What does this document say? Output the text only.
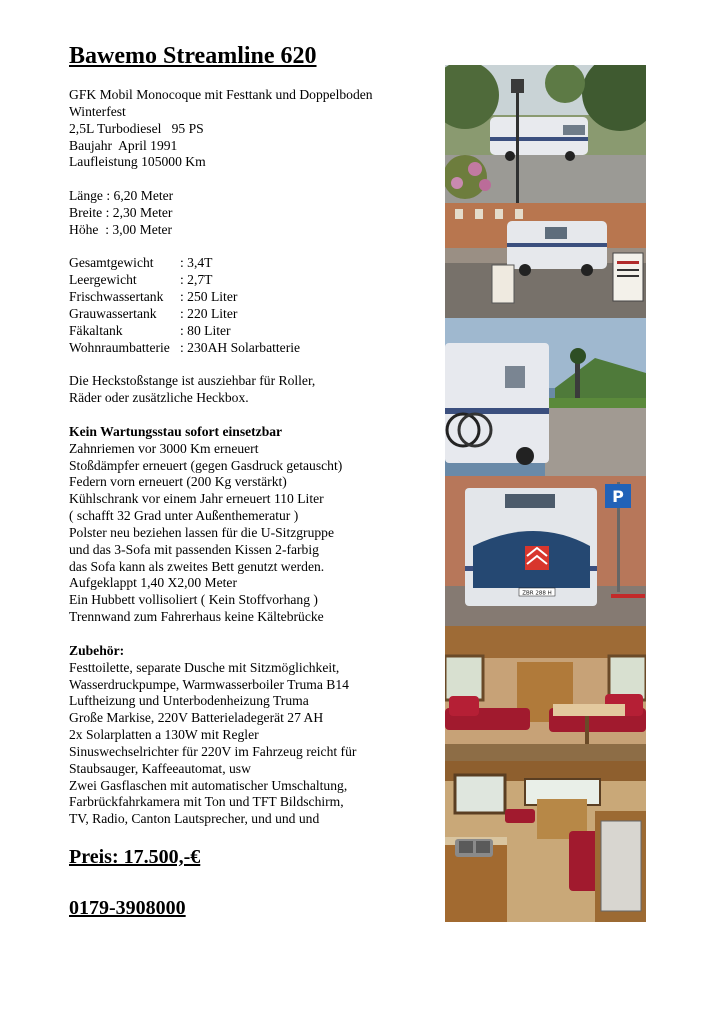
Bawemo Streamline 620
GFK Mobil Monocoque mit Festtank und Doppelboden
Winterfest
2,5L Turbodiesel   95 PS
Baujahr  April 1991
Laufleistung 105000 Km
Länge : 6,20 Meter
Breite : 2,30 Meter
Höhe  : 3,00 Meter
Gesamtgewicht	: 3,4T
Leergewicht	: 2,7T
Frischwassertank	: 250 Liter
Grauwassertank	: 220 Liter
Fäkaltank	: 80 Liter
Wohnraumbatterie : 230AH Solarbatterie
Die Heckstoßstange ist ausziehbar für Roller,
Räder oder zusätzliche Heckbox.
Kein Wartungsstau sofort einsetzbar
Zahnriemen vor 3000 Km erneuert
Stoßdämpfer erneuert (gegen Gasdruck getauscht)
Federn vorn erneuert (200 Kg verstärkt)
Kühlschrank vor einem Jahr erneuert 110 Liter
( schafft 32 Grad unter Außenthemeratur )
Polster neu beziehen lassen für die U-Sitzgruppe
und das 3-Sofa mit passenden Kissen 2-farbig
das Sofa kann als zweites Bett genutzt werden.
Aufgeklappt 1,40 X2,00 Meter
Ein Hubbett vollisoliert ( Kein Stoffvorhang )
Trennwand zum Fahrerhaus keine Kältebrücke
Zubehör:
Festtoilette, separate Dusche mit Sitzmöglichkeit,
Wasserdruckpumpe, Warmwasserboiler Truma B14
Luftheizung und Unterbodenheizung Truma
Große Markise, 220V Batterieladegerät 27 AH
2x Solarplatten a 130W mit Regler
Sinuswechselrichter für 220V im Fahrzeug reicht für
Staubsauger, Kaffeeautomat, usw
Zwei Gasflaschen mit automatischer Umschaltung,
Farbrückfahrkamera mit Ton und TFT Bildschirm,
TV, Radio, Canton Lautsprecher, und und und
Preis: 17.500,-€
0179-3908000
ZBR 288 H
P
